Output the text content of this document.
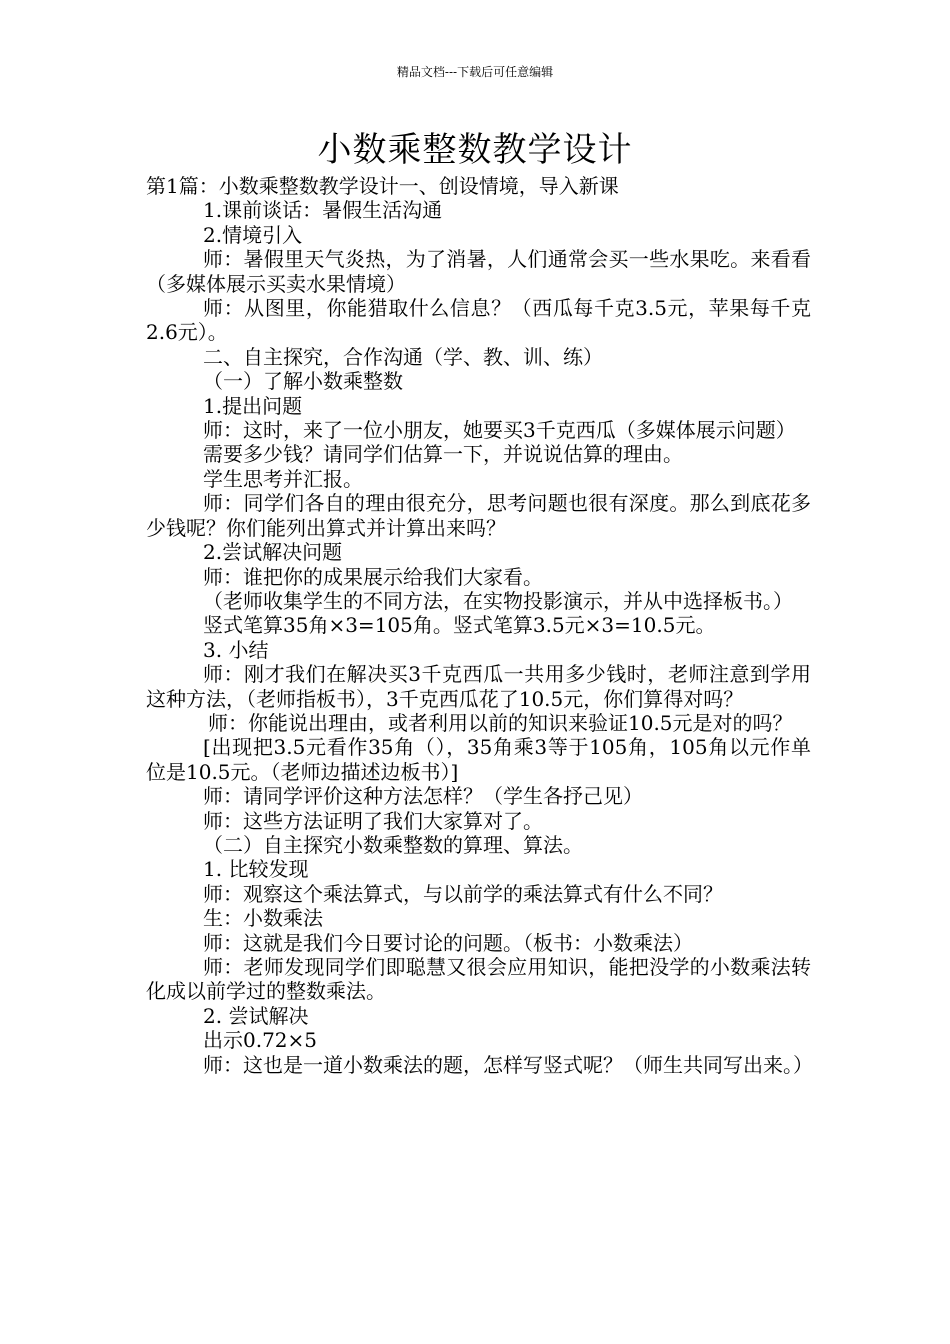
精品文档---下载后可任意编辑
小数乘整数教学设计

第1篇：小数乘整数教学设计一、创设情境，导入新课

1.课前谈话：暑假生活沟通

2.情境引入

师：暑假里天气炎热，为了消暑，人们通常会买一些水果吃。来看看（多媒体展示买卖水果情境）

师：从图里，你能猎取什么信息？（西瓜每千克3.5元，苹果每千克2.6元）。

二、自主探究，合作沟通（学、教、训、练）

（一）了解小数乘整数

1.提出问题

师：这时，来了一位小朋友，她要买3千克西瓜（多媒体展示问题）

需要多少钱？请同学们估算一下，并说说估算的理由。

学生思考并汇报。

师：同学们各自的理由很充分，思考问题也很有深度。那么到底花多少钱呢？你们能列出算式并计算出来吗？

2.尝试解决问题

师：谁把你的成果展示给我们大家看。

（老师收集学生的不同方法，在实物投影演示，并从中选择板书。）

竖式笔算35角×3=105角。竖式笔算3.5元×3=10.5元。

3. 小结

师：刚才我们在解决买3千克西瓜一共用多少钱时，老师注意到学用这种方法，（老师指板书），3千克西瓜花了10.5元，你们算得对吗？

师：你能说出理由，或者利用以前的知识来验证10.5元是对的吗？

[出现把3.5元看作35角（），35角乘3等于105角，105角以元作单位是10.5元。（老师边描述边板书）]

师：请同学评价这种方法怎样？（学生各抒己见）

师：这些方法证明了我们大家算对了。

（二）自主探究小数乘整数的算理、算法。

1. 比较发现

师：观察这个乘法算式，与以前学的乘法算式有什么不同？

生：小数乘法

师：这就是我们今日要讨论的问题。（板书：小数乘法）

师：老师发现同学们即聪慧又很会应用知识，能把没学的小数乘法转化成以前学过的整数乘法。

2. 尝试解决

出示0.72×5

师：这也是一道小数乘法的题，怎样写竖式呢？（师生共同写出来。）
